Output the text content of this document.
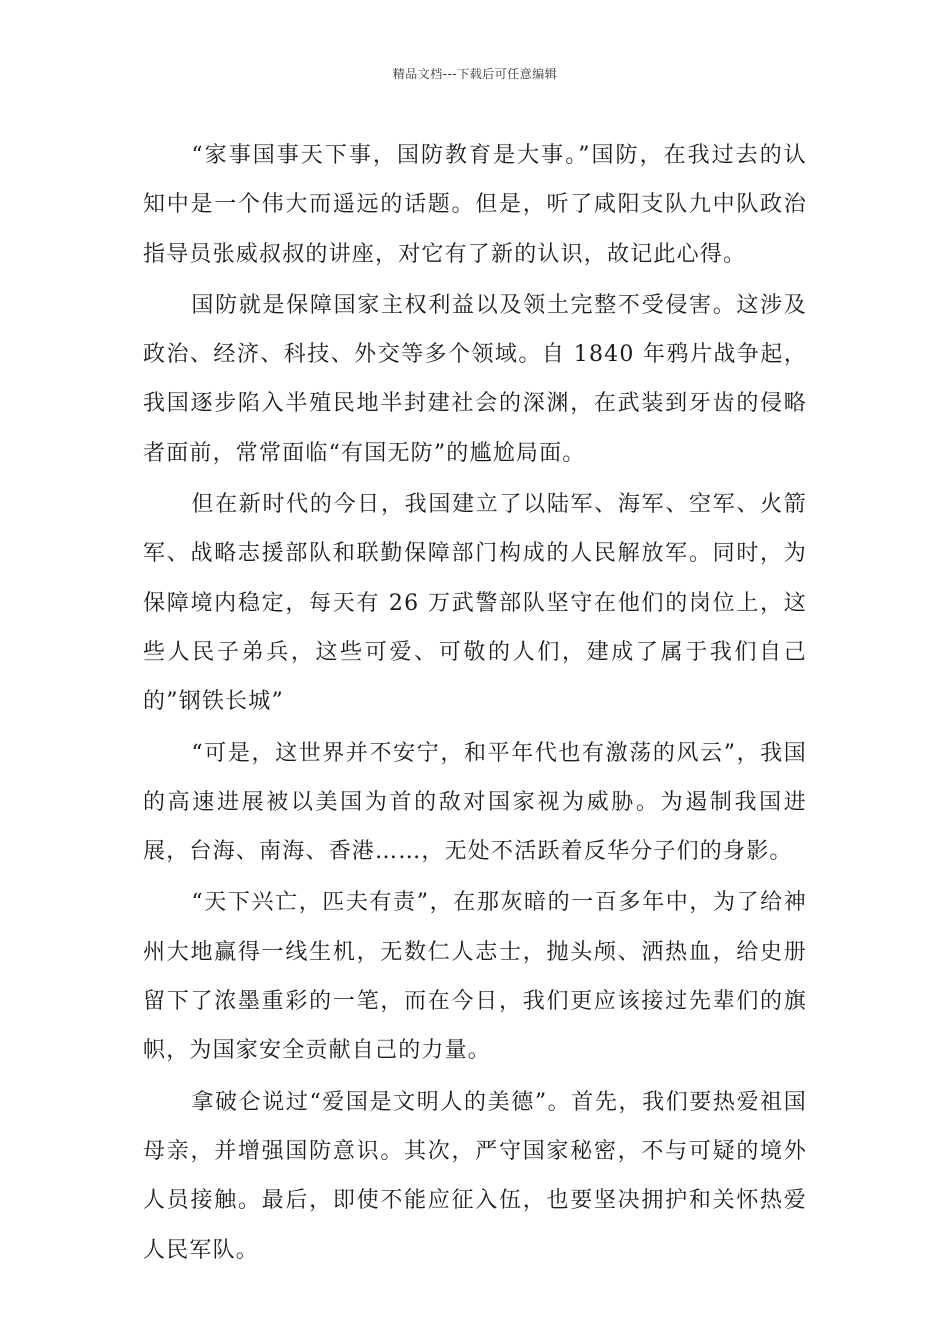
精品文档---下载后可任意编辑

“家事国事天下事，国防教育是大事。”国防，在我过去的认知中是一个伟大而遥远的话题。但是，听了咸阳支队九中队政治指导员张威叔叔的讲座，对它有了新的认识，故记此心得。

国防就是保障国家主权利益以及领土完整不受侵害。这涉及政治、经济、科技、外交等多个领域。自 1840 年鸦片战争起，我国逐步陷入半殖民地半封建社会的深渊，在武装到牙齿的侵略者面前，常常面临“有国无防”的尴尬局面。

但在新时代的今日，我国建立了以陆军、海军、空军、火箭军、战略志援部队和联勤保障部门构成的人民解放军。同时，为保障境内稳定，每天有 26 万武警部队坚守在他们的岗位上，这些人民子弟兵，这些可爱、可敬的人们，建成了属于我们自己的”钢铁长城”

“可是，这世界并不安宁，和平年代也有激荡的风云”，我国的高速进展被以美国为首的敌对国家视为威胁。为遏制我国进展，台海、南海、香港……，无处不活跃着反华分子们的身影。

“天下兴亡，匹夫有责”，在那灰暗的一百多年中，为了给神州大地赢得一线生机，无数仁人志士，抛头颅、洒热血，给史册留下了浓墨重彩的一笔，而在今日，我们更应该接过先辈们的旗帜，为国家安全贡献自己的力量。

拿破仑说过“爱国是文明人的美德”。首先，我们要热爱祖国母亲，并增强国防意识。其次，严守国家秘密，不与可疑的境外人员接触。最后，即使不能应征入伍，也要坚决拥护和关怀热爱人民军队。
